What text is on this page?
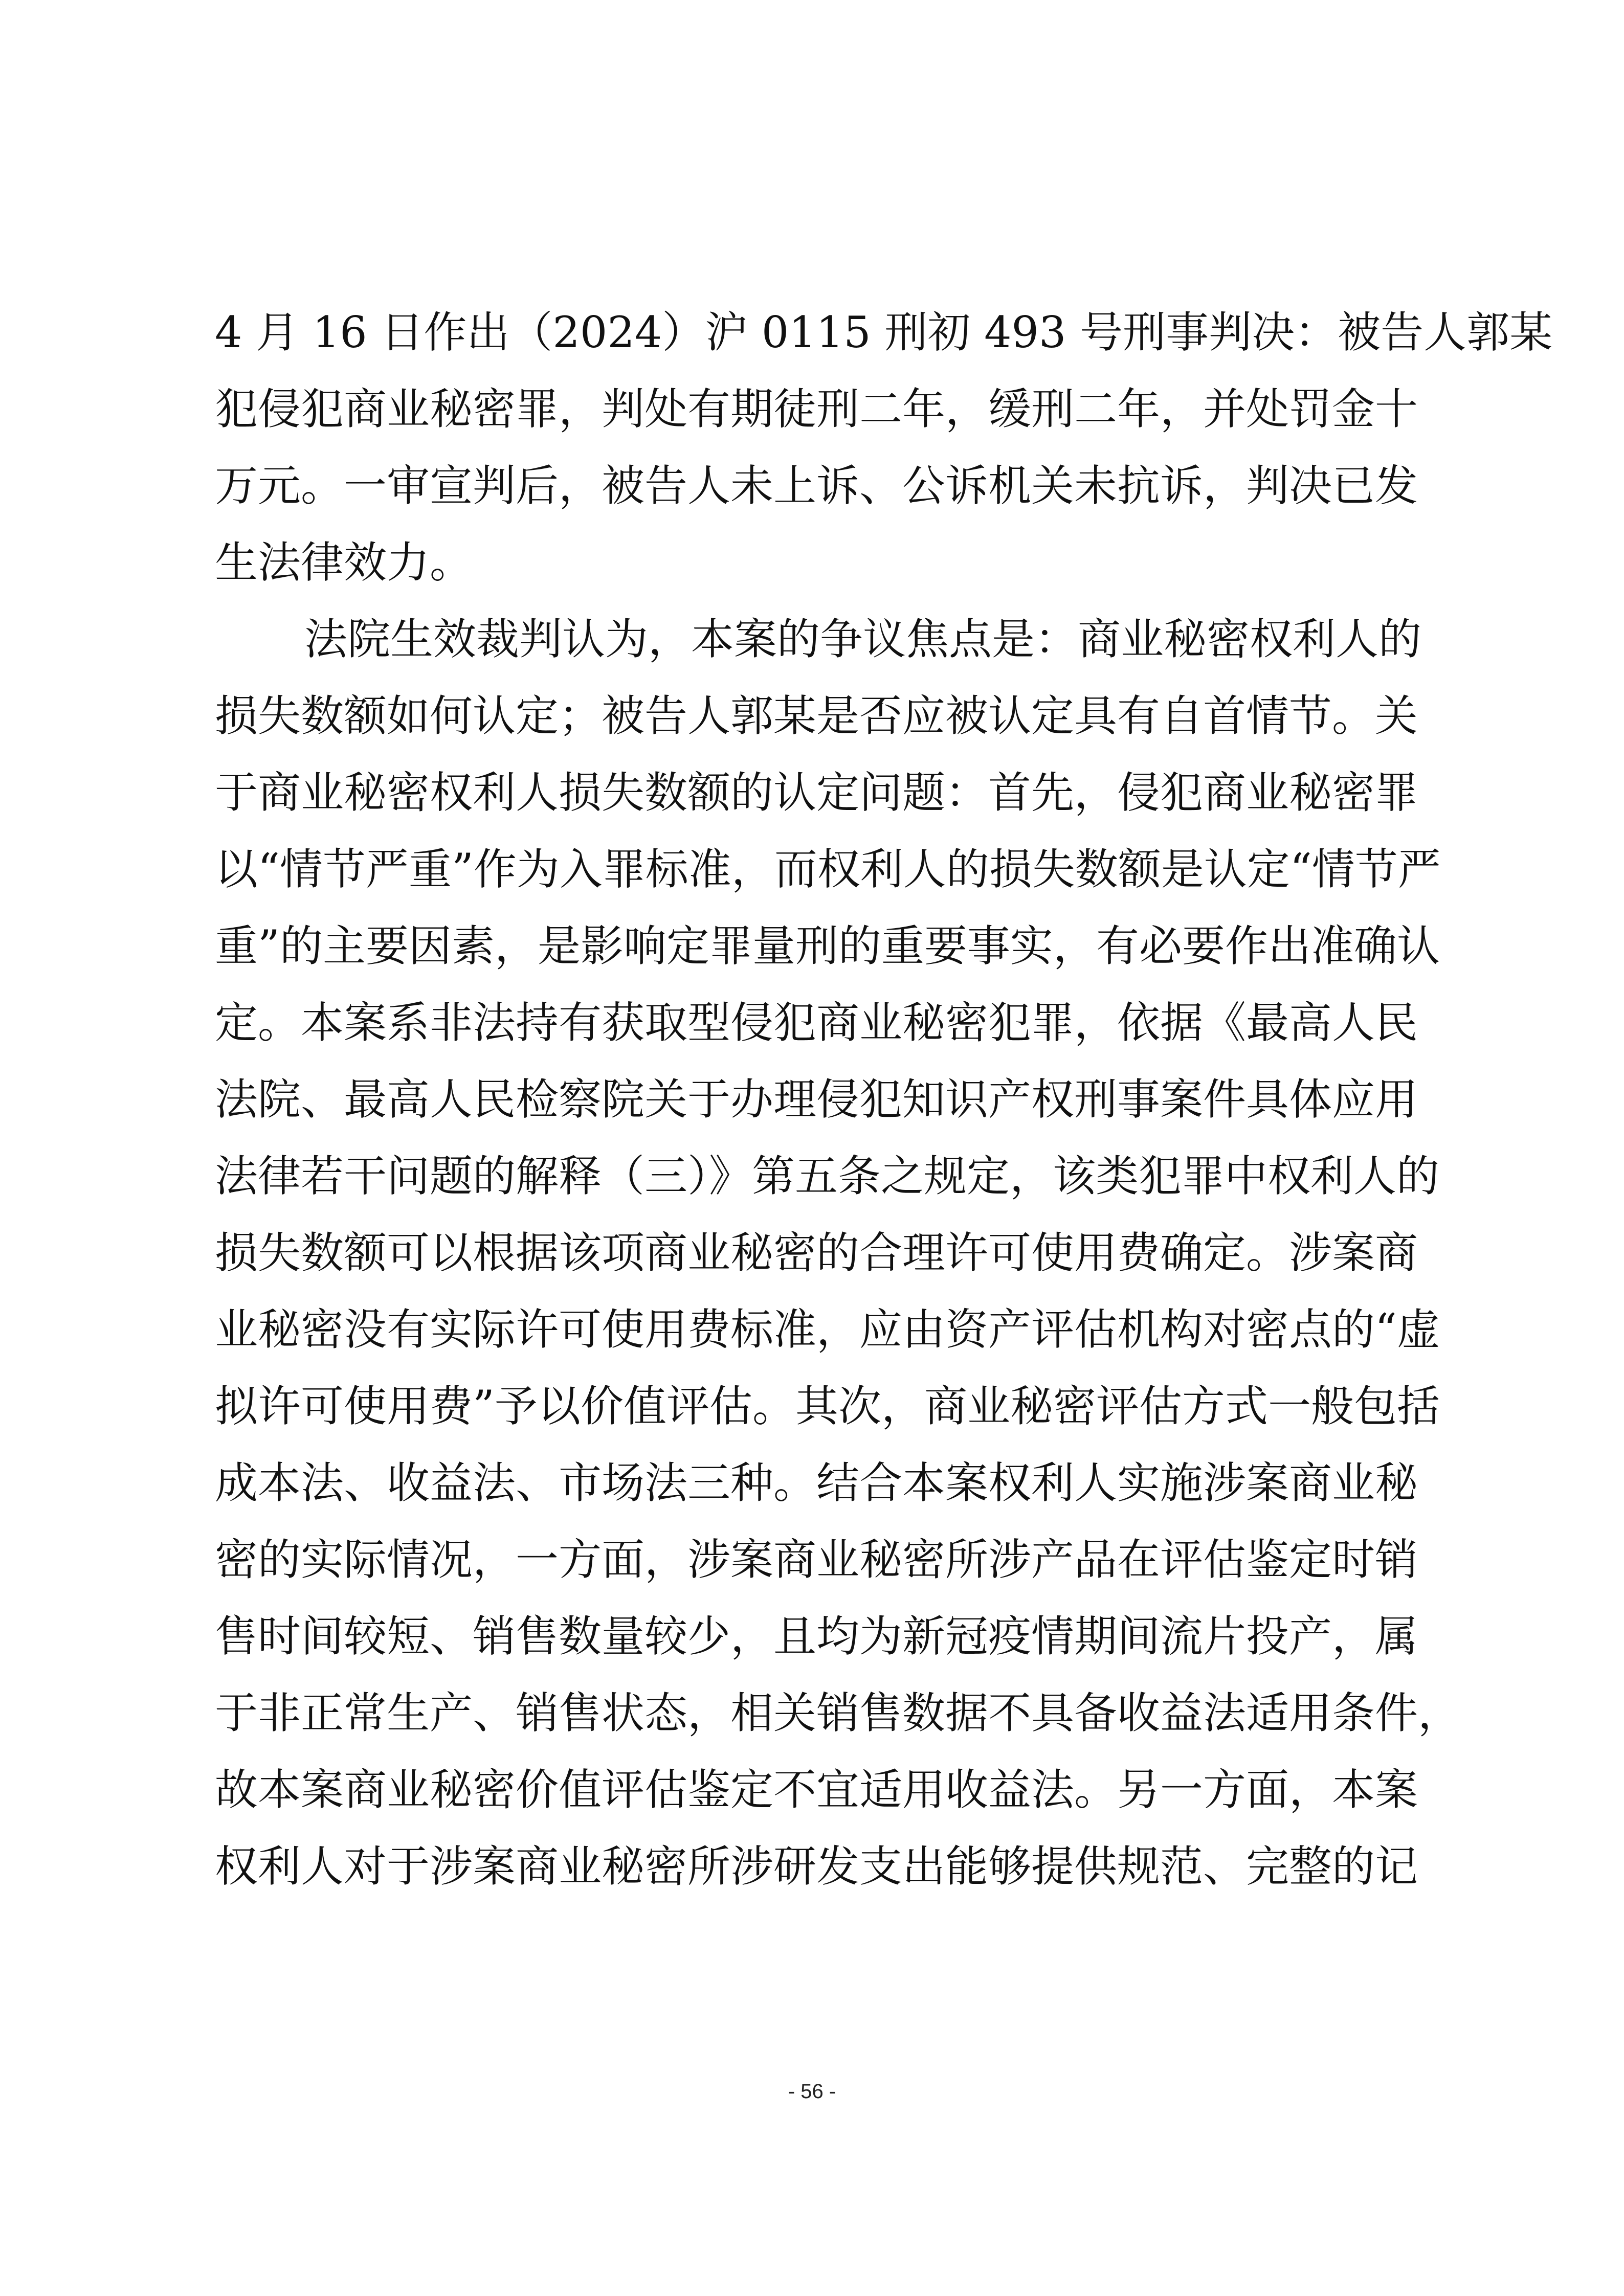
4 月 16 日作出（2024）沪 0115 刑初 493 号刑事判决：被告人郭某
犯侵犯商业秘密罪，判处有期徒刑二年，缓刑二年，并处罚金十
万元。一审宣判后，被告人未上诉、公诉机关未抗诉，判决已发
生法律效力。
法院生效裁判认为，本案的争议焦点是：商业秘密权利人的
损失数额如何认定；被告人郭某是否应被认定具有自首情节。关
于商业秘密权利人损失数额的认定问题：首先，侵犯商业秘密罪
以“情节严重”作为入罪标准，而权利人的损失数额是认定“情节严
重”的主要因素，是影响定罪量刑的重要事实，有必要作出准确认
定。本案系非法持有获取型侵犯商业秘密犯罪，依据《最高人民
法院、最高人民检察院关于办理侵犯知识产权刑事案件具体应用
法律若干问题的解释（三）》第五条之规定，该类犯罪中权利人的
损失数额可以根据该项商业秘密的合理许可使用费确定。涉案商
业秘密没有实际许可使用费标准，应由资产评估机构对密点的“虚
拟许可使用费”予以价值评估。其次，商业秘密评估方式一般包括
成本法、收益法、市场法三种。结合本案权利人实施涉案商业秘
密的实际情况，一方面，涉案商业秘密所涉产品在评估鉴定时销
售时间较短、销售数量较少，且均为新冠疫情期间流片投产，属
于非正常生产、销售状态，相关销售数据不具备收益法适用条件，
故本案商业秘密价值评估鉴定不宜适用收益法。另一方面，本案
权利人对于涉案商业秘密所涉研发支出能够提供规范、完整的记
- 56 -
